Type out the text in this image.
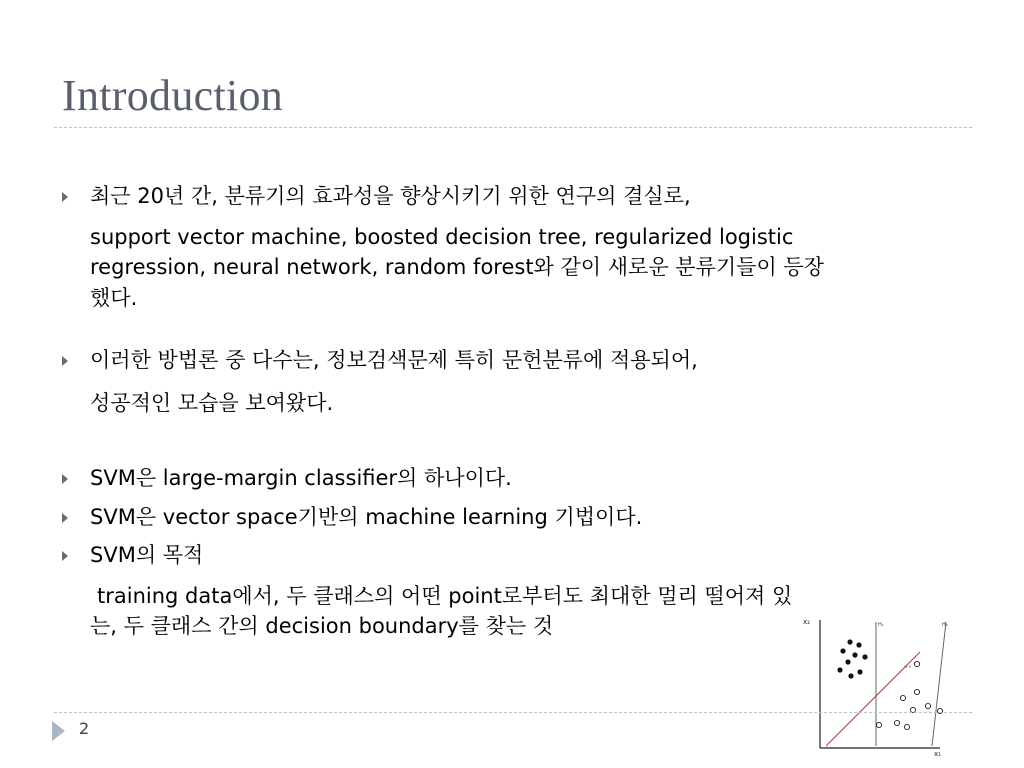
Introduction
최근 20년 간, 분류기의 효과성을 향상시키기 위한 연구의 결실로,
support vector machine, boosted decision tree, regularized logistic
regression, neural network, random forest와 같이 새로운 분류기들이 등장
했다.
이러한 방법론 중 다수는, 정보검색문제 특히 문헌분류에 적용되어,
성공적인 모습을 보여왔다.
SVM은 large-margin classifier의 하나이다.
SVM은 vector space기반의 machine learning 기법이다.
SVM의 목적
training data에서, 두 클래스의 어떤 point로부터도 최대한 멀리 떨어져 있
는, 두 클래스 간의 decision boundary를 찾는 것	x₂
x₁
H₁	H₂
w·x
2
